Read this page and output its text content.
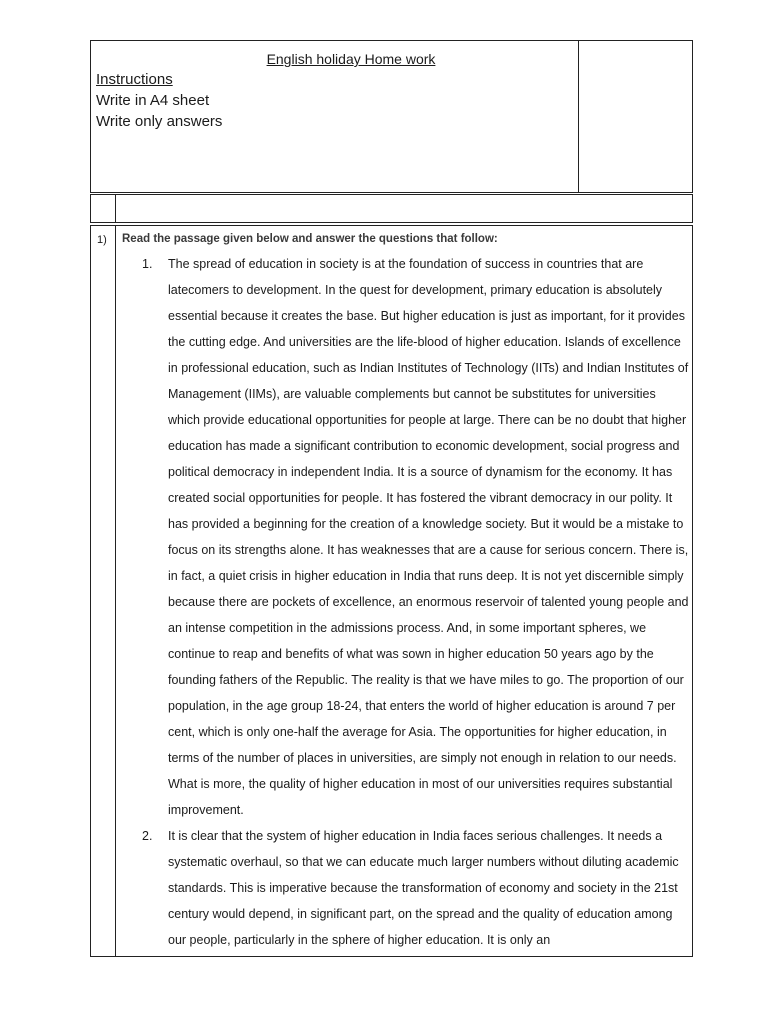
English holiday Home work
Instructions
Write in A4 sheet
Write only answers
1) Read the passage given below and answer the questions that follow:
1. The spread of education in society is at the foundation of success in countries that are latecomers to development. In the quest for development, primary education is absolutely essential because it creates the base. But higher education is just as important, for it provides the cutting edge. And universities are the life-blood of higher education. Islands of excellence in professional education, such as Indian Institutes of Technology (IITs) and Indian Institutes of Management (IIMs), are valuable complements but cannot be substitutes for universities which provide educational opportunities for people at large. There can be no doubt that higher education has made a significant contribution to economic development, social progress and political democracy in independent India. It is a source of dynamism for the economy. It has created social opportunities for people. It has fostered the vibrant democracy in our polity. It has provided a beginning for the creation of a knowledge society. But it would be a mistake to focus on its strengths alone. It has weaknesses that are a cause for serious concern. There is, in fact, a quiet crisis in higher education in India that runs deep. It is not yet discernible simply because there are pockets of excellence, an enormous reservoir of talented young people and an intense competition in the admissions process. And, in some important spheres, we continue to reap and benefits of what was sown in higher education 50 years ago by the founding fathers of the Republic. The reality is that we have miles to go. The proportion of our population, in the age group 18-24, that enters the world of higher education is around 7 per cent, which is only one-half the average for Asia. The opportunities for higher education, in terms of the number of places in universities, are simply not enough in relation to our needs. What is more, the quality of higher education in most of our universities requires substantial improvement.
2. It is clear that the system of higher education in India faces serious challenges. It needs a systematic overhaul, so that we can educate much larger numbers without diluting academic standards. This is imperative because the transformation of economy and society in the 21st century would depend, in significant part, on the spread and the quality of education among our people, particularly in the sphere of higher education. It is only an
